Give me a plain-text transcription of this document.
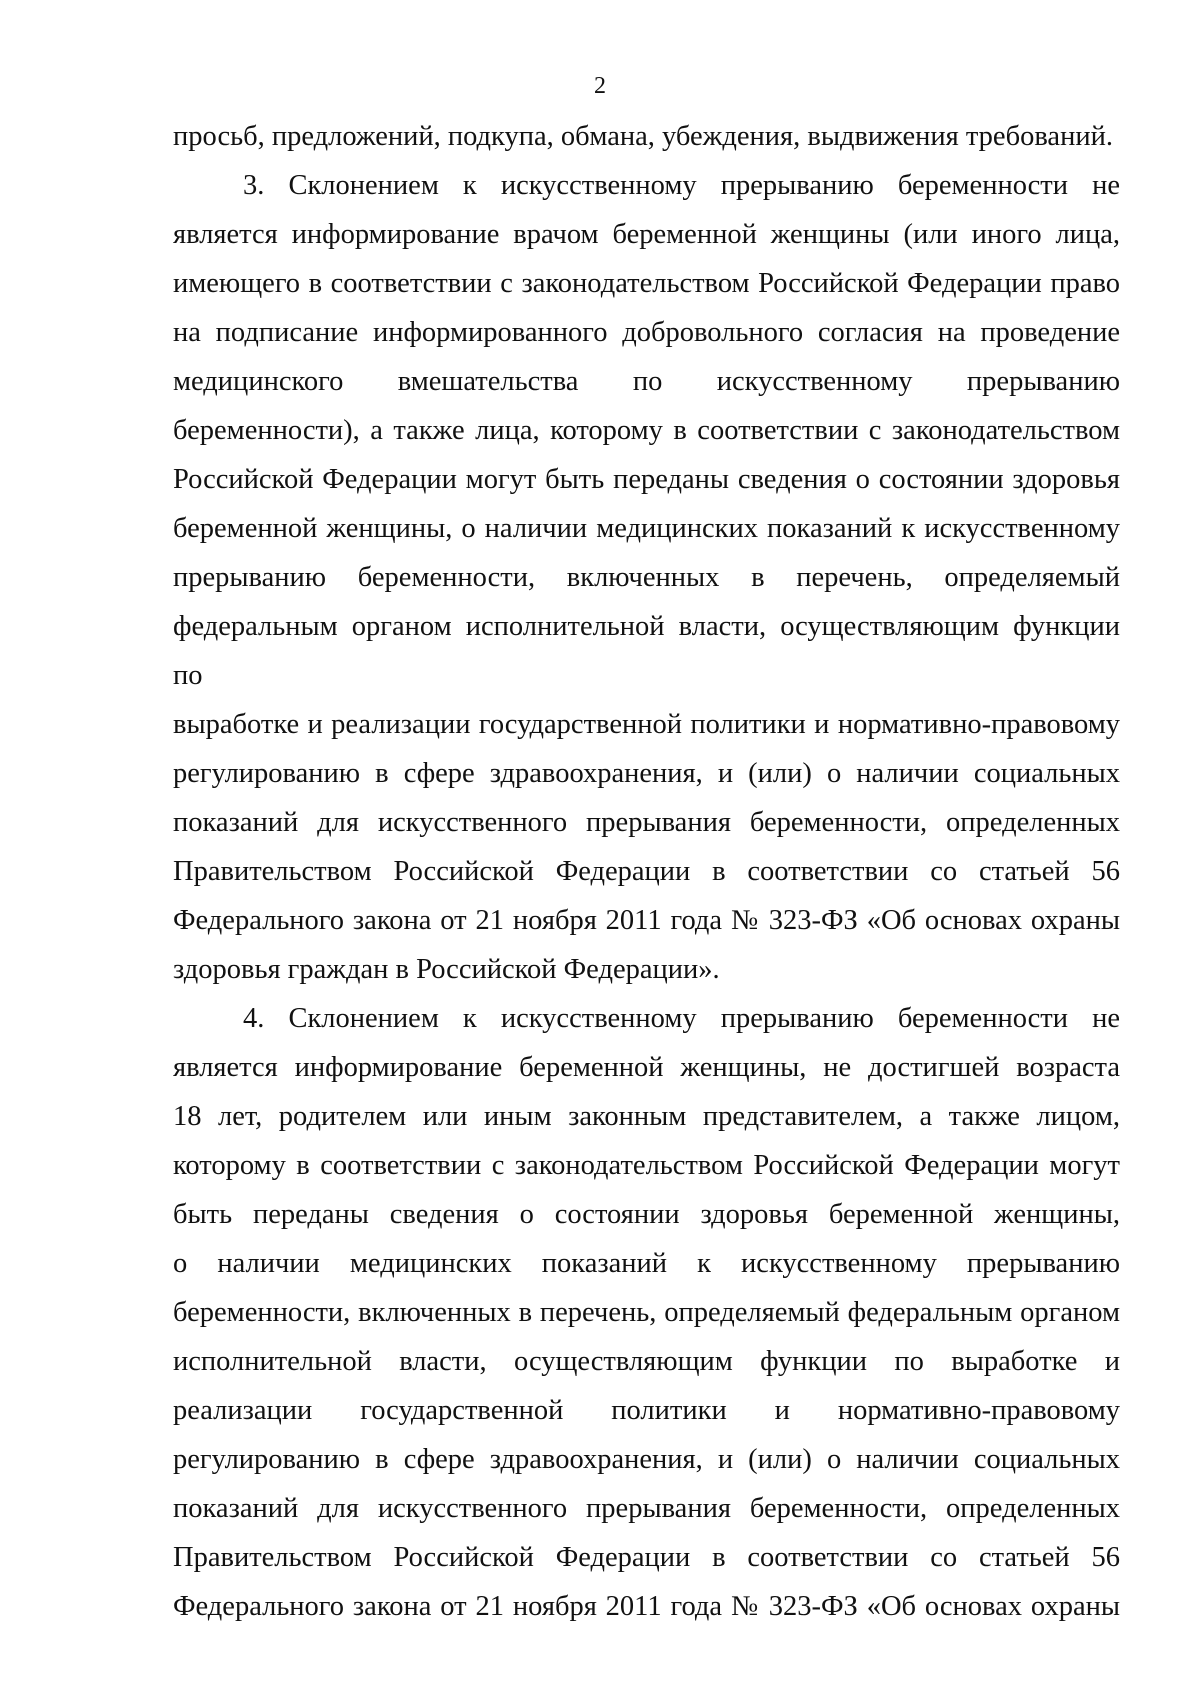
2

просьб, предложений, подкупа, обмана, убеждения, выдвижения требований.

3. Склонением к искусственному прерыванию беременности не

является информирование врачом беременной женщины (или иного лица,

имеющего в соответствии с законодательством Российской Федерации право

на подписание информированного добровольного согласия на проведение

медицинского вмешательства по искусственному прерыванию

беременности), а также лица, которому в соответствии с законодательством

Российской Федерации могут быть переданы сведения о состоянии здоровья

беременной женщины, о наличии медицинских показаний к искусственному

прерыванию беременности, включенных в перечень, определяемый

федеральным органом исполнительной власти, осуществляющим функции по

выработке и реализации государственной политики и нормативно-правовому

регулированию в сфере здравоохранения, и (или) о наличии социальных

показаний для искусственного прерывания беременности, определенных

Правительством Российской Федерации в соответствии со статьей 56

Федерального закона от 21 ноября 2011 года № 323-ФЗ «Об основах охраны

здоровья граждан в Российской Федерации».

4. Склонением к искусственному прерыванию беременности не

является информирование беременной женщины, не достигшей возраста

18 лет, родителем или иным законным представителем, а также лицом,

которому в соответствии с законодательством Российской Федерации могут

быть переданы сведения о состоянии здоровья беременной женщины,

о наличии медицинских показаний к искусственному прерыванию

беременности, включенных в перечень, определяемый федеральным органом

исполнительной власти, осуществляющим функции по выработке и

реализации государственной политики и нормативно-правовому

регулированию в сфере здравоохранения, и (или) о наличии социальных

показаний для искусственного прерывания беременности, определенных

Правительством Российской Федерации в соответствии со статьей 56

Федерального закона от 21 ноября 2011 года № 323-ФЗ «Об основах охраны
